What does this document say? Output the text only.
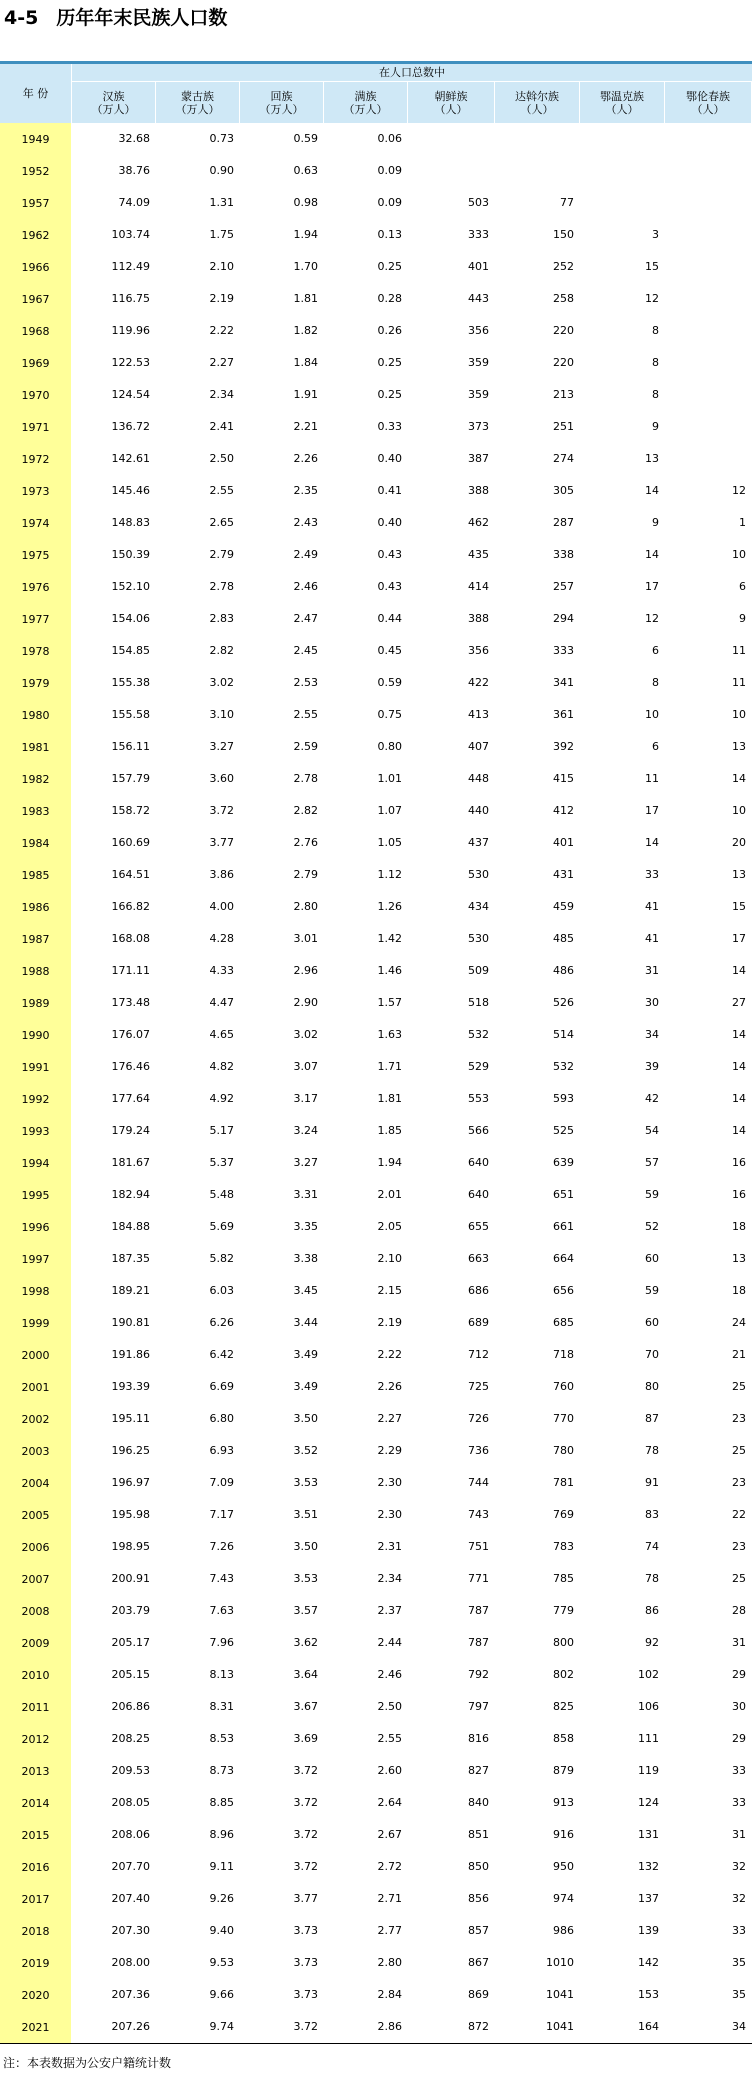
4-5 历年年末民族人口数
年 份
在人口总数中
汉族
（万人）
蒙古族
（万人）
回族
（万人）
满族
（万人）
朝鲜族
（人）
达斡尔族
（人）
鄂温克族
（人）
鄂伦春族
（人）
1949	32.68	0.73	0.59	0.06
1952	38.76	0.90	0.63	0.09
1957	74.09	1.31	0.98	0.09	503	77
1962	103.74	1.75	1.94	0.13	333	150	3
1966	112.49	2.10	1.70	0.25	401	252	15
1967	116.75	2.19	1.81	0.28	443	258	12
1968	119.96	2.22	1.82	0.26	356	220	8
1969	122.53	2.27	1.84	0.25	359	220	8
1970	124.54	2.34	1.91	0.25	359	213	8
1971	136.72	2.41	2.21	0.33	373	251	9
1972	142.61	2.50	2.26	0.40	387	274	13
1973	145.46	2.55	2.35	0.41	388	305	14	12
1974	148.83	2.65	2.43	0.40	462	287	9	1
1975	150.39	2.79	2.49	0.43	435	338	14	10
1976	152.10	2.78	2.46	0.43	414	257	17	6
1977	154.06	2.83	2.47	0.44	388	294	12	9
1978	154.85	2.82	2.45	0.45	356	333	6	11
1979	155.38	3.02	2.53	0.59	422	341	8	11
1980	155.58	3.10	2.55	0.75	413	361	10	10
1981	156.11	3.27	2.59	0.80	407	392	6	13
1982	157.79	3.60	2.78	1.01	448	415	11	14
1983	158.72	3.72	2.82	1.07	440	412	17	10
1984	160.69	3.77	2.76	1.05	437	401	14	20
1985	164.51	3.86	2.79	1.12	530	431	33	13
1986	166.82	4.00	2.80	1.26	434	459	41	15
1987	168.08	4.28	3.01	1.42	530	485	41	17
1988	171.11	4.33	2.96	1.46	509	486	31	14
1989	173.48	4.47	2.90	1.57	518	526	30	27
1990	176.07	4.65	3.02	1.63	532	514	34	14
1991	176.46	4.82	3.07	1.71	529	532	39	14
1992	177.64	4.92	3.17	1.81	553	593	42	14
1993	179.24	5.17	3.24	1.85	566	525	54	14
1994	181.67	5.37	3.27	1.94	640	639	57	16
1995	182.94	5.48	3.31	2.01	640	651	59	16
1996	184.88	5.69	3.35	2.05	655	661	52	18
1997	187.35	5.82	3.38	2.10	663	664	60	13
1998	189.21	6.03	3.45	2.15	686	656	59	18
1999	190.81	6.26	3.44	2.19	689	685	60	24
2000	191.86	6.42	3.49	2.22	712	718	70	21
2001	193.39	6.69	3.49	2.26	725	760	80	25
2002	195.11	6.80	3.50	2.27	726	770	87	23
2003	196.25	6.93	3.52	2.29	736	780	78	25
2004	196.97	7.09	3.53	2.30	744	781	91	23
2005	195.98	7.17	3.51	2.30	743	769	83	22
2006	198.95	7.26	3.50	2.31	751	783	74	23
2007	200.91	7.43	3.53	2.34	771	785	78	25
2008	203.79	7.63	3.57	2.37	787	779	86	28
2009	205.17	7.96	3.62	2.44	787	800	92	31
2010	205.15	8.13	3.64	2.46	792	802	102	29
2011	206.86	8.31	3.67	2.50	797	825	106	30
2012	208.25	8.53	3.69	2.55	816	858	111	29
2013	209.53	8.73	3.72	2.60	827	879	119	33
2014	208.05	8.85	3.72	2.64	840	913	124	33
2015	208.06	8.96	3.72	2.67	851	916	131	31
2016	207.70	9.11	3.72	2.72	850	950	132	32
2017	207.40	9.26	3.77	2.71	856	974	137	32
2018	207.30	9.40	3.73	2.77	857	986	139	33
2019	208.00	9.53	3.73	2.80	867	1010	142	35
2020	207.36	9.66	3.73	2.84	869	1041	153	35
2021	207.26	9.74	3.72	2.86	872	1041	164	34
注：本表数据为公安户籍统计数
